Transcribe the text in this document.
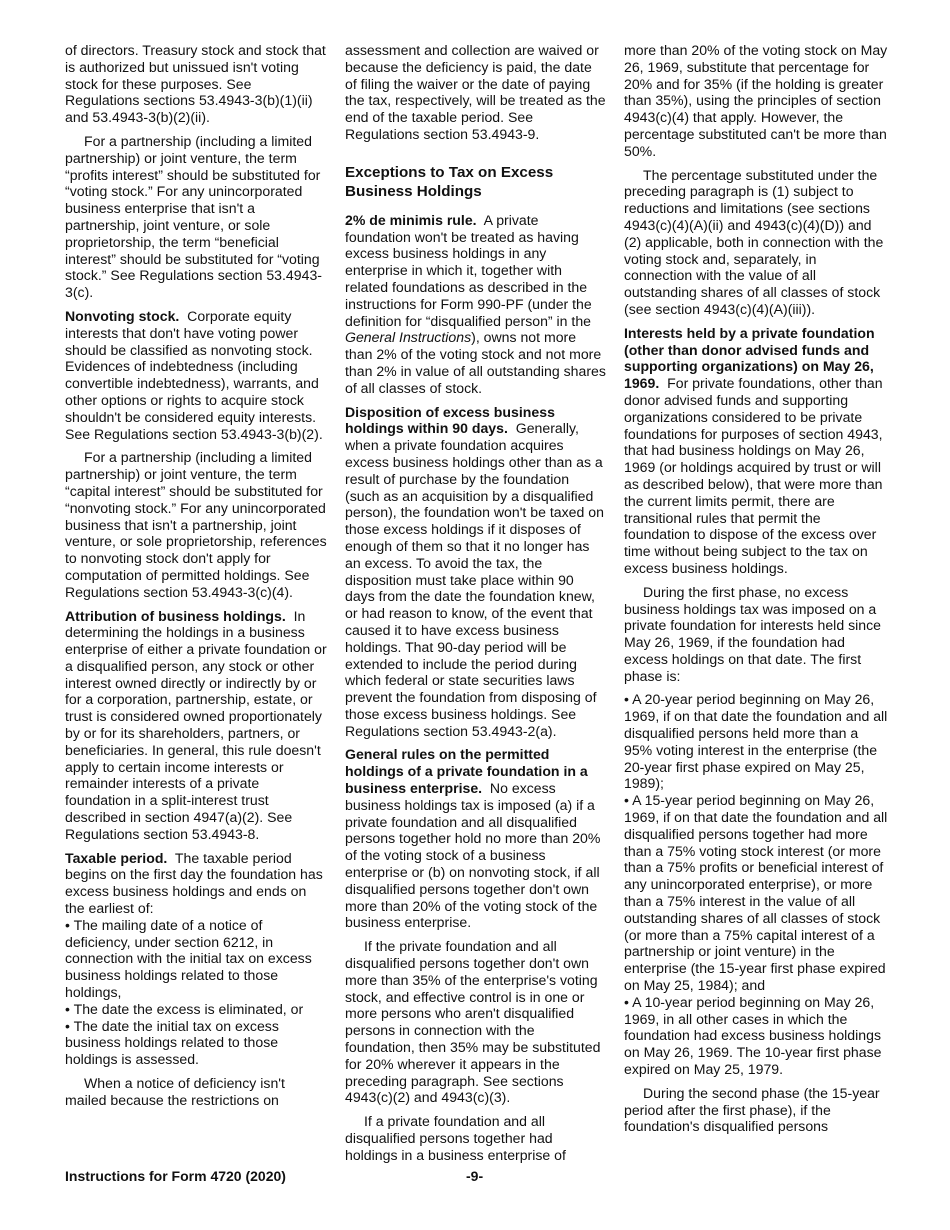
of directors. Treasury stock and stock that is authorized but unissued isn't voting stock for these purposes. See Regulations sections 53.4943-3(b)(1)(ii) and 53.4943-3(b)(2)(ii).

For a partnership (including a limited partnership) or joint venture, the term “profits interest” should be substituted for “voting stock.” For any unincorporated business enterprise that isn't a partnership, joint venture, or sole proprietorship, the term “beneficial interest” should be substituted for “voting stock.” See Regulations section 53.4943-3(c).

Nonvoting stock. Corporate equity interests that don't have voting power should be classified as nonvoting stock. Evidences of indebtedness (including convertible indebtedness), warrants, and other options or rights to acquire stock shouldn't be considered equity interests. See Regulations section 53.4943-3(b)(2).

For a partnership (including a limited partnership) or joint venture, the term “capital interest” should be substituted for “nonvoting stock.” For any unincorporated business that isn't a partnership, joint venture, or sole proprietorship, references to nonvoting stock don't apply for computation of permitted holdings. See Regulations section 53.4943-3(c)(4).

Attribution of business holdings. In determining the holdings in a business enterprise of either a private foundation or a disqualified person, any stock or other interest owned directly or indirectly by or for a corporation, partnership, estate, or trust is considered owned proportionately by or for its shareholders, partners, or beneficiaries. In general, this rule doesn't apply to certain income interests or remainder interests of a private foundation in a split-interest trust described in section 4947(a)(2). See Regulations section 53.4943-8.

Taxable period. The taxable period begins on the first day the foundation has excess business holdings and ends on the earliest of:

• The mailing date of a notice of deficiency, under section 6212, in connection with the initial tax on excess business holdings related to those holdings,
• The date the excess is eliminated, or
• The date the initial tax on excess business holdings related to those holdings is assessed.

When a notice of deficiency isn't mailed because the restrictions on

assessment and collection are waived or because the deficiency is paid, the date of filing the waiver or the date of paying the tax, respectively, will be treated as the end of the taxable period. See Regulations section 53.4943-9.

Exceptions to Tax on Excess Business Holdings

2% de minimis rule. A private foundation won't be treated as having excess business holdings in any enterprise in which it, together with related foundations as described in the instructions for Form 990-PF (under the definition for “disqualified person” in the General Instructions), owns not more than 2% of the voting stock and not more than 2% in value of all outstanding shares of all classes of stock.

Disposition of excess business holdings within 90 days. Generally, when a private foundation acquires excess business holdings other than as a result of purchase by the foundation (such as an acquisition by a disqualified person), the foundation won't be taxed on those excess holdings if it disposes of enough of them so that it no longer has an excess. To avoid the tax, the disposition must take place within 90 days from the date the foundation knew, or had reason to know, of the event that caused it to have excess business holdings. That 90-day period will be extended to include the period during which federal or state securities laws prevent the foundation from disposing of those excess business holdings. See Regulations section 53.4943-2(a).

General rules on the permitted holdings of a private foundation in a business enterprise. No excess business holdings tax is imposed (a) if a private foundation and all disqualified persons together hold no more than 20% of the voting stock of a business enterprise or (b) on nonvoting stock, if all disqualified persons together don't own more than 20% of the voting stock of the business enterprise.

If the private foundation and all disqualified persons together don't own more than 35% of the enterprise's voting stock, and effective control is in one or more persons who aren't disqualified persons in connection with the foundation, then 35% may be substituted for 20% wherever it appears in the preceding paragraph. See sections 4943(c)(2) and 4943(c)(3).

If a private foundation and all disqualified persons together had holdings in a business enterprise of

more than 20% of the voting stock on May 26, 1969, substitute that percentage for 20% and for 35% (if the holding is greater than 35%), using the principles of section 4943(c)(4) that apply. However, the percentage substituted can't be more than 50%.

The percentage substituted under the preceding paragraph is (1) subject to reductions and limitations (see sections 4943(c)(4)(A)(ii) and 4943(c)(4)(D)) and (2) applicable, both in connection with the voting stock and, separately, in connection with the value of all outstanding shares of all classes of stock (see section 4943(c)(4)(A)(iii)).

Interests held by a private foundation (other than donor advised funds and supporting organizations) on May 26, 1969. For private foundations, other than donor advised funds and supporting organizations considered to be private foundations for purposes of section 4943, that had business holdings on May 26, 1969 (or holdings acquired by trust or will as described below), that were more than the current limits permit, there are transitional rules that permit the foundation to dispose of the excess over time without being subject to the tax on excess business holdings.

During the first phase, no excess business holdings tax was imposed on a private foundation for interests held since May 26, 1969, if the foundation had excess holdings on that date. The first phase is:

• A 20-year period beginning on May 26, 1969, if on that date the foundation and all disqualified persons held more than a 95% voting interest in the enterprise (the 20-year first phase expired on May 25, 1989);
• A 15-year period beginning on May 26, 1969, if on that date the foundation and all disqualified persons together had more than a 75% voting stock interest (or more than a 75% profits or beneficial interest of any unincorporated enterprise), or more than a 75% interest in the value of all outstanding shares of all classes of stock (or more than a 75% capital interest of a partnership or joint venture) in the enterprise (the 15-year first phase expired on May 25, 1984); and
• A 10-year period beginning on May 26, 1969, in all other cases in which the foundation had excess business holdings on May 26, 1969. The 10-year first phase expired on May 25, 1979.

During the second phase (the 15-year period after the first phase), if the foundation's disqualified persons

Instructions for Form 4720 (2020)	-9-
